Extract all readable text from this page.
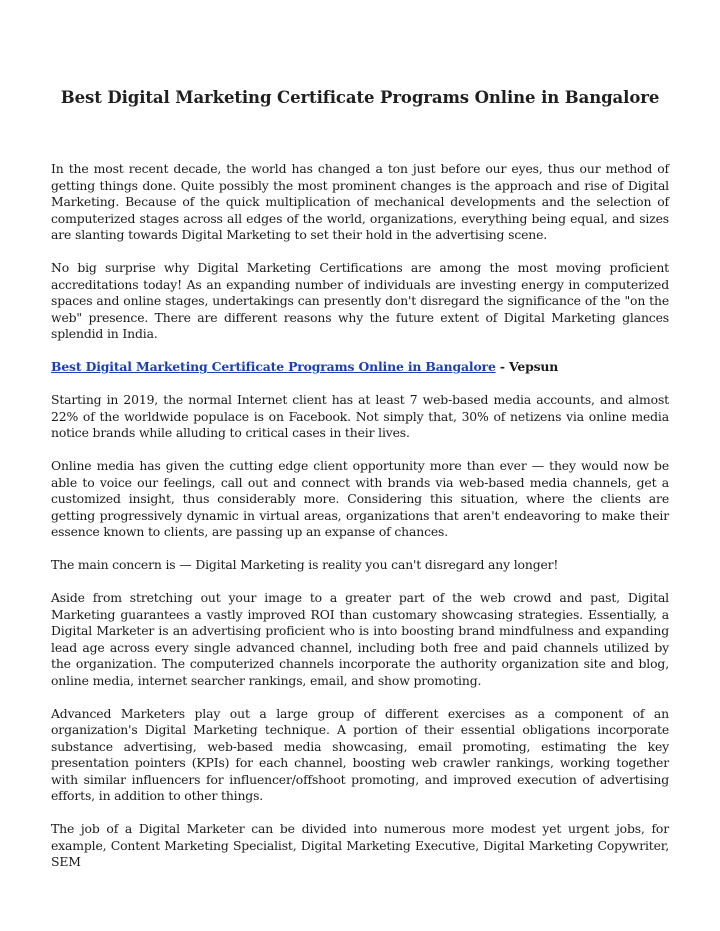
Best Digital Marketing Certificate Programs Online in Bangalore

In the most recent decade, the world has changed a ton just before our eyes, thus our method of getting things done. Quite possibly the most prominent changes is the approach and rise of Digital Marketing. Because of the quick multiplication of mechanical developments and the selection of computerized stages across all edges of the world, organizations, everything being equal, and sizes are slanting towards Digital Marketing to set their hold in the advertising scene.

No big surprise why Digital Marketing Certifications are among the most moving proficient accreditations today! As an expanding number of individuals are investing energy in computerized spaces and online stages, undertakings can presently don't disregard the significance of the "on the web" presence. There are different reasons why the future extent of Digital Marketing glances splendid in India.

Best Digital Marketing Certificate Programs Online in Bangalore - Vepsun

Starting in 2019, the normal Internet client has at least 7 web-based media accounts, and almost 22% of the worldwide populace is on Facebook. Not simply that, 30% of netizens via online media notice brands while alluding to critical cases in their lives.

Online media has given the cutting edge client opportunity more than ever — they would now be able to voice our feelings, call out and connect with brands via web-based media channels, get a customized insight, thus considerably more. Considering this situation, where the clients are getting progressively dynamic in virtual areas, organizations that aren't endeavoring to make their essence known to clients, are passing up an expanse of chances.

The main concern is — Digital Marketing is reality you can't disregard any longer!

Aside from stretching out your image to a greater part of the web crowd and past, Digital Marketing guarantees a vastly improved ROI than customary showcasing strategies. Essentially, a Digital Marketer is an advertising proficient who is into boosting brand mindfulness and expanding lead age across every single advanced channel, including both free and paid channels utilized by the organization. The computerized channels incorporate the authority organization site and blog, online media, internet searcher rankings, email, and show promoting.

Advanced Marketers play out a large group of different exercises as a component of an organization's Digital Marketing technique. A portion of their essential obligations incorporate substance advertising, web-based media showcasing, email promoting, estimating the key presentation pointers (KPIs) for each channel, boosting web crawler rankings, working together with similar influencers for influencer/offshoot promoting, and improved execution of advertising efforts, in addition to other things.

The job of a Digital Marketer can be divided into numerous more modest yet urgent jobs, for example, Content Marketing Specialist, Digital Marketing Executive, Digital Marketing Copywriter, SEM
